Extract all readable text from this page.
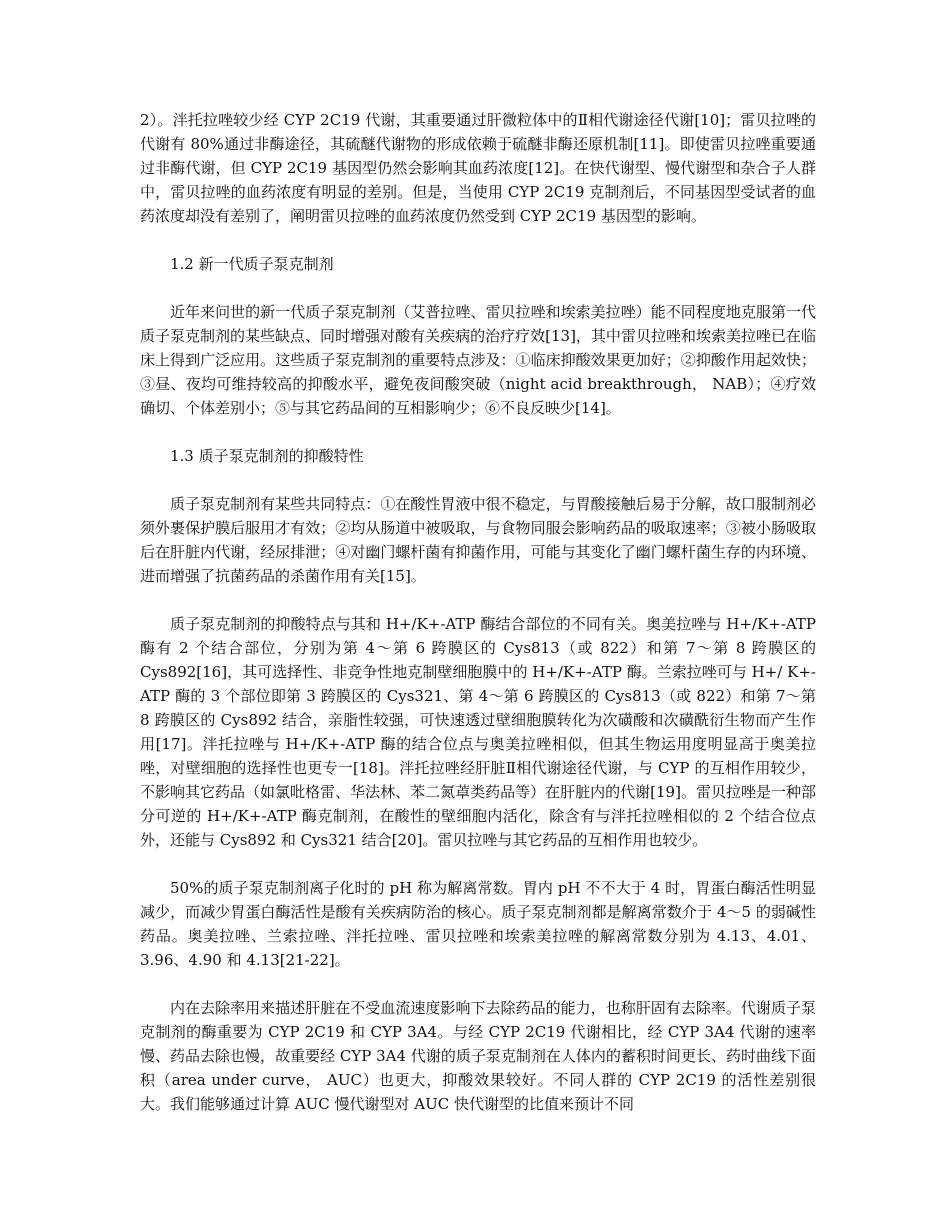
2）。泮托拉唑较少经 CYP 2C19 代谢，其重要通过肝微粒体中的Ⅱ相代谢途径代谢[10]；雷贝拉唑的代谢有 80%通过非酶途径，其硫醚代谢物的形成依赖于硫醚非酶还原机制[11]。即使雷贝拉唑重要通过非酶代谢，但 CYP 2C19 基因型仍然会影响其血药浓度[12]。在快代谢型、慢代谢型和杂合子人群中，雷贝拉唑的血药浓度有明显的差别。但是，当使用 CYP 2C19 克制剂后，不同基因型受试者的血药浓度却没有差别了，阐明雷贝拉唑的血药浓度仍然受到 CYP 2C19 基因型的影响。

1.2 新一代质子泵克制剂

近年来问世的新一代质子泵克制剂（艾普拉唑、雷贝拉唑和埃索美拉唑）能不同程度地克服第一代质子泵克制剂的某些缺点、同时增强对酸有关疾病的治疗疗效[13]，其中雷贝拉唑和埃索美拉唑已在临床上得到广泛应用。这些质子泵克制剂的重要特点涉及：①临床抑酸效果更加好；②抑酸作用起效快；③昼、夜均可维持较高的抑酸水平，避免夜间酸突破（night acid breakthrough， NAB）；④疗效确切、个体差别小；⑤与其它药品间的互相影响少；⑥不良反映少[14]。

1.3 质子泵克制剂的抑酸特性

质子泵克制剂有某些共同特点：①在酸性胃液中很不稳定，与胃酸接触后易于分解，故口服制剂必须外裹保护膜后服用才有效；②均从肠道中被吸取，与食物同服会影响药品的吸取速率；③被小肠吸取后在肝脏内代谢，经尿排泄；④对幽门螺杆菌有抑菌作用，可能与其变化了幽门螺杆菌生存的内环境、进而增强了抗菌药品的杀菌作用有关[15]。

质子泵克制剂的抑酸特点与其和 H+/K+-ATP 酶结合部位的不同有关。奥美拉唑与 H+/K+-ATP 酶有 2 个结合部位，分别为第 4～第 6 跨膜区的 Cys813（或 822）和第 7～第 8 跨膜区的 Cys892[16]，其可选择性、非竞争性地克制壁细胞膜中的 H+/K+-ATP 酶。兰索拉唑可与 H+/ K+-ATP 酶的 3 个部位即第 3 跨膜区的 Cys321、第 4～第 6 跨膜区的 Cys813（或 822）和第 7～第 8 跨膜区的 Cys892 结合，亲脂性较强，可快速透过壁细胞膜转化为次磺酸和次磺酰衍生物而产生作用[17]。泮托拉唑与 H+/K+-ATP 酶的结合位点与奥美拉唑相似，但其生物运用度明显高于奥美拉唑，对壁细胞的选择性也更专一[18]。泮托拉唑经肝脏Ⅱ相代谢途径代谢，与 CYP 的互相作用较少，不影响其它药品（如氯吡格雷、华法林、苯二氮䓬类药品等）在肝脏内的代谢[19]。雷贝拉唑是一种部分可逆的 H+/K+-ATP 酶克制剂，在酸性的壁细胞内活化，除含有与泮托拉唑相似的 2 个结合位点外，还能与 Cys892 和 Cys321 结合[20]。雷贝拉唑与其它药品的互相作用也较少。

50%的质子泵克制剂离子化时的 pH 称为解离常数。胃内 pH 不不大于 4 时，胃蛋白酶活性明显减少，而减少胃蛋白酶活性是酸有关疾病防治的核心。质子泵克制剂都是解离常数介于 4～5 的弱碱性药品。奥美拉唑、兰索拉唑、泮托拉唑、雷贝拉唑和埃索美拉唑的解离常数分别为 4.13、4.01、3.96、4.90 和 4.13[21-22]。

内在去除率用来描述肝脏在不受血流速度影响下去除药品的能力，也称肝固有去除率。代谢质子泵克制剂的酶重要为 CYP 2C19 和 CYP 3A4。与经 CYP 2C19 代谢相比，经 CYP 3A4 代谢的速率慢、药品去除也慢，故重要经 CYP 3A4 代谢的质子泵克制剂在人体内的蓄积时间更长、药时曲线下面积（area under curve， AUC）也更大，抑酸效果较好。不同人群的 CYP 2C19 的活性差别很大。我们能够通过计算 AUC 慢代谢型对 AUC 快代谢型的比值来预计不同
